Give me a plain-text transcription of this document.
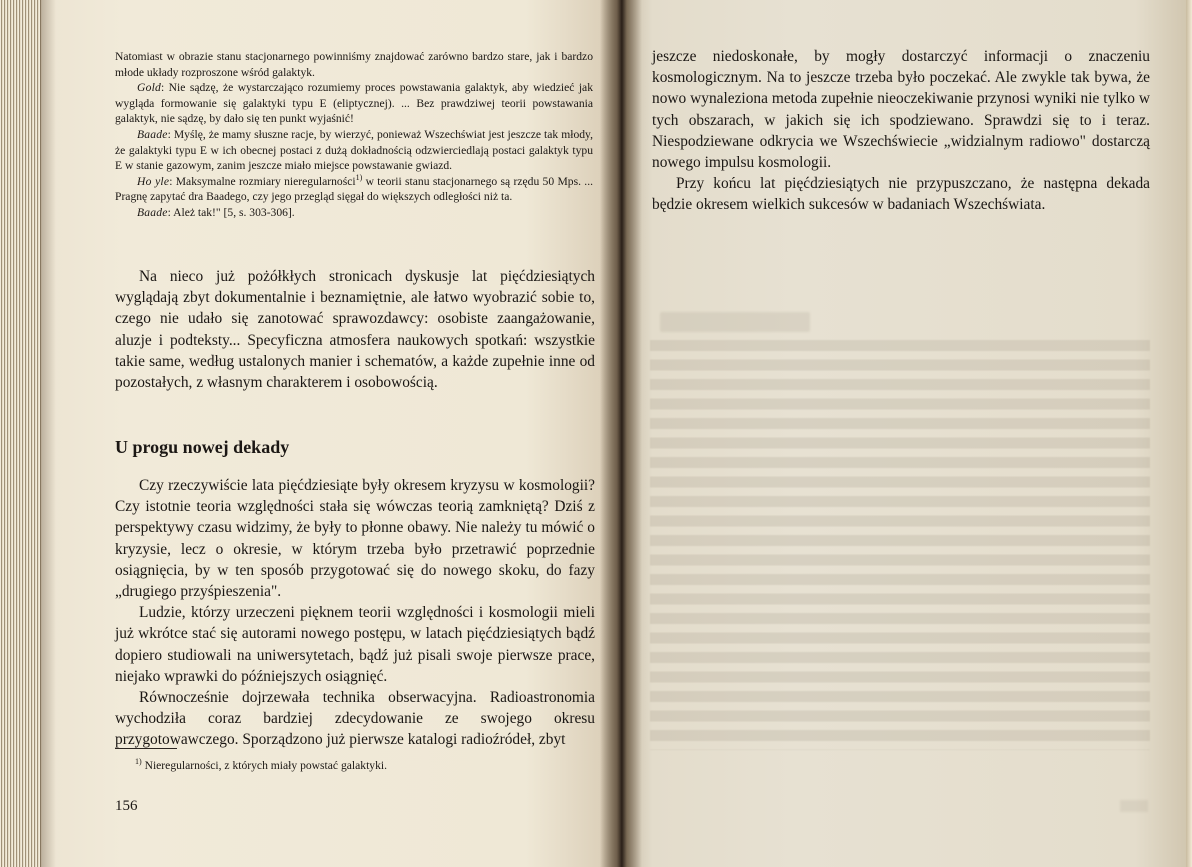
Natomiast w obrazie stanu stacjonarnego powinniśmy znajdować zarówno bardzo stare, jak i bardzo młode układy rozproszone wśród galaktyk.

Gold: Nie sądzę, że wystarczająco rozumiemy proces powstawania galaktyk, aby wiedzieć jak wygląda formowanie się galaktyki typu E (eliptycznej). ... Bez prawdziwej teorii powstawania galaktyk, nie sądzę, by dało się ten punkt wyjaśnić!

Baade: Myślę, że mamy słuszne racje, by wierzyć, ponieważ Wszechświat jest jeszcze tak młody, że galaktyki typu E w ich obecnej postaci z dużą dokładnością odzwierciedlają postaci galaktyk typu E w stanie gazowym, zanim jeszcze miało miejsce powstawanie gwiazd.

Ho yle: Maksymalne rozmiary nieregularności$^{1)}$ w teorii stanu stacjonarnego są rzędu 50 Mps. ... Pragnę zapytać dra Baadego, czy jego przegląd sięgał do większych odległości niż ta.

Baade: Ależ tak!" [5, s. 303-306].

Na nieco już pożółkłych stronicach dyskusje lat pięćdziesiątych wyglądają zbyt dokumentalnie i beznamiętnie, ale łatwo wyobrazić sobie to, czego nie udało się zanotować sprawozdawcy: osobiste zaangażowanie, aluzje i podteksty... Specyficzna atmosfera naukowych spotkań: wszystkie takie same, według ustalonych manier i schematów, a każde zupełnie inne od pozostałych, z własnym charakterem i osobowością.

U progu nowej dekady

Czy rzeczywiście lata pięćdziesiąte były okresem kryzysu w kosmologii? Czy istotnie teoria względności stała się wówczas teorią zamkniętą? Dziś z perspektywy czasu widzimy, że były to płonne obawy. Nie należy tu mówić o kryzysie, lecz o okresie, w którym trzeba było przetrawić poprzednie osiągnięcia, by w ten sposób przygotować się do nowego skoku, do fazy „drugiego przyśpieszenia".

Ludzie, którzy urzeczeni pięknem teorii względności i kosmologii mieli już wkrótce stać się autorami nowego postępu, w latach pięćdziesiątych bądź dopiero studiowali na uniwersytetach, bądź już pisali swoje pierwsze prace, niejako wprawki do późniejszych osiągnięć.

Równocześnie dojrzewała technika obserwacyjna. Radioastronomia wychodziła coraz bardziej zdecydowanie ze swojego okresu przygotowawczego. Sporządzono już pierwsze katalogi radioźródeł, zbyt

$^{1)}$ Nieregularności, z których miały powstać galaktyki.

156

jeszcze niedoskonałe, by mogły dostarczyć informacji o znaczeniu kosmologicznym. Na to jeszcze trzeba było poczekać. Ale zwykle tak bywa, że nowo wynaleziona metoda zupełnie nieoczekiwanie przynosi wyniki nie tylko w tych obszarach, w jakich się ich spodziewano. Sprawdzi się to i teraz. Niespodziewane odkrycia we Wszechświecie „widzialnym radiowo" dostarczą nowego impulsu kosmologii.

Przy końcu lat pięćdziesiątych nie przypuszczano, że następna dekada będzie okresem wielkich sukcesów w badaniach Wszechświata.
